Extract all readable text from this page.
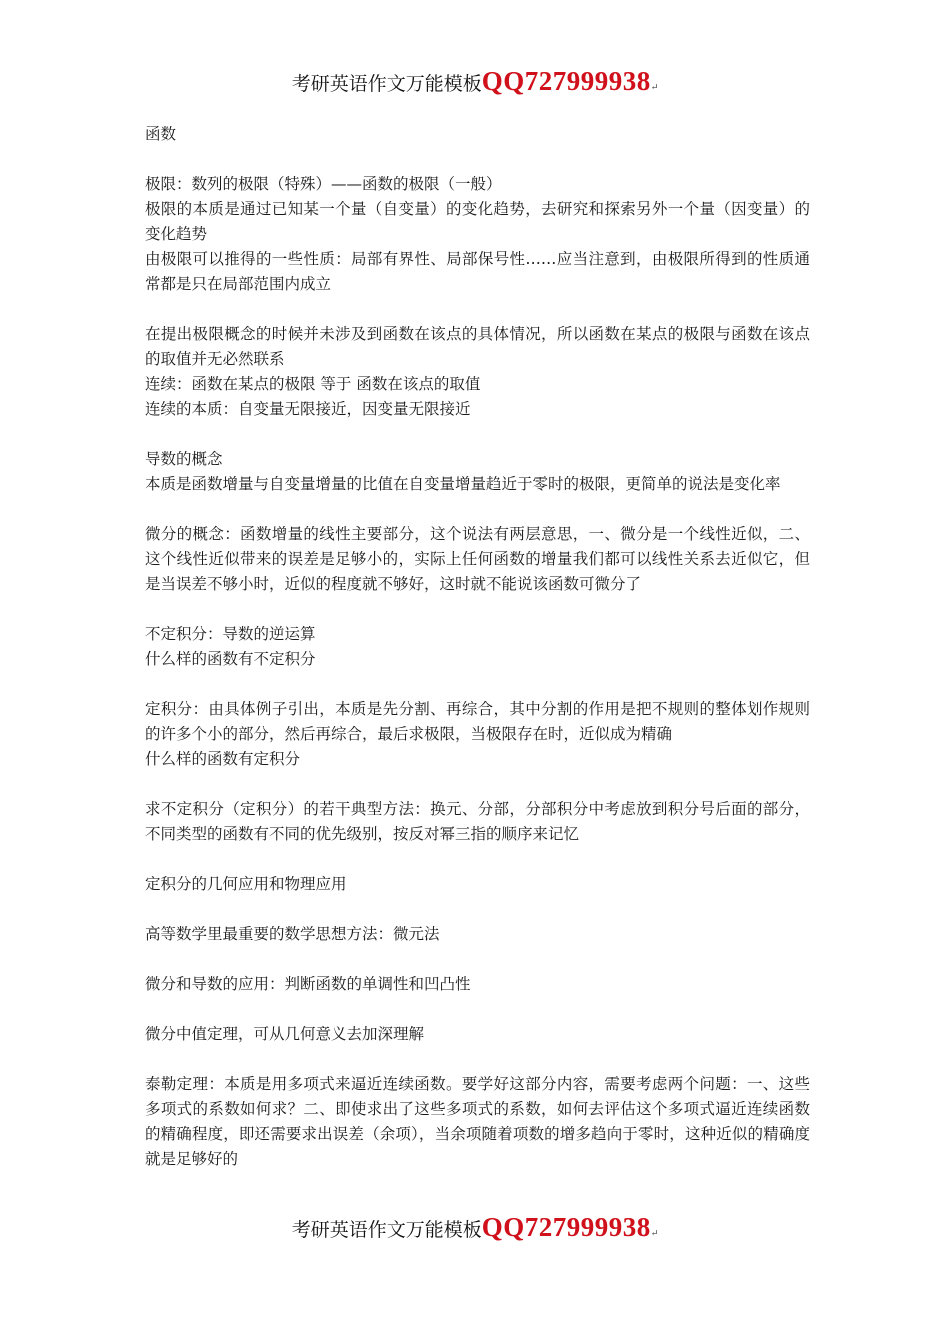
考研英语作文万能模板QQ727999938↵

函数

极限：数列的极限（特殊）——函数的极限（一般）

极限的本质是通过已知某一个量（自变量）的变化趋势，去研究和探索另外一个量（因变量）的变化趋势

由极限可以推得的一些性质：局部有界性、局部保号性……应当注意到，由极限所得到的性质通常都是只在局部范围内成立

在提出极限概念的时候并未涉及到函数在该点的具体情况，所以函数在某点的极限与函数在该点的取值并无必然联系

连续：函数在某点的极限 等于 函数在该点的取值

连续的本质：自变量无限接近，因变量无限接近

导数的概念

本质是函数增量与自变量增量的比值在自变量增量趋近于零时的极限，更简单的说法是变化率

微分的概念：函数增量的线性主要部分，这个说法有两层意思，一、微分是一个线性近似，二、这个线性近似带来的误差是足够小的，实际上任何函数的增量我们都可以线性关系去近似它，但是当误差不够小时，近似的程度就不够好，这时就不能说该函数可微分了

不定积分：导数的逆运算

什么样的函数有不定积分

定积分：由具体例子引出，本质是先分割、再综合，其中分割的作用是把不规则的整体划作规则的许多个小的部分，然后再综合，最后求极限，当极限存在时，近似成为精确

什么样的函数有定积分

求不定积分（定积分）的若干典型方法：换元、分部，分部积分中考虑放到积分号后面的部分，不同类型的函数有不同的优先级别，按反对幂三指的顺序来记忆

定积分的几何应用和物理应用

高等数学里最重要的数学思想方法：微元法

微分和导数的应用：判断函数的单调性和凹凸性

微分中值定理，可从几何意义去加深理解

泰勒定理：本质是用多项式来逼近连续函数。要学好这部分内容，需要考虑两个问题：一、这些多项式的系数如何求？二、即使求出了这些多项式的系数，如何去评估这个多项式逼近连续函数的精确程度，即还需要求出误差（余项），当余项随着项数的增多趋向于零时，这种近似的精确度就是足够好的

考研英语作文万能模板QQ727999938↵
